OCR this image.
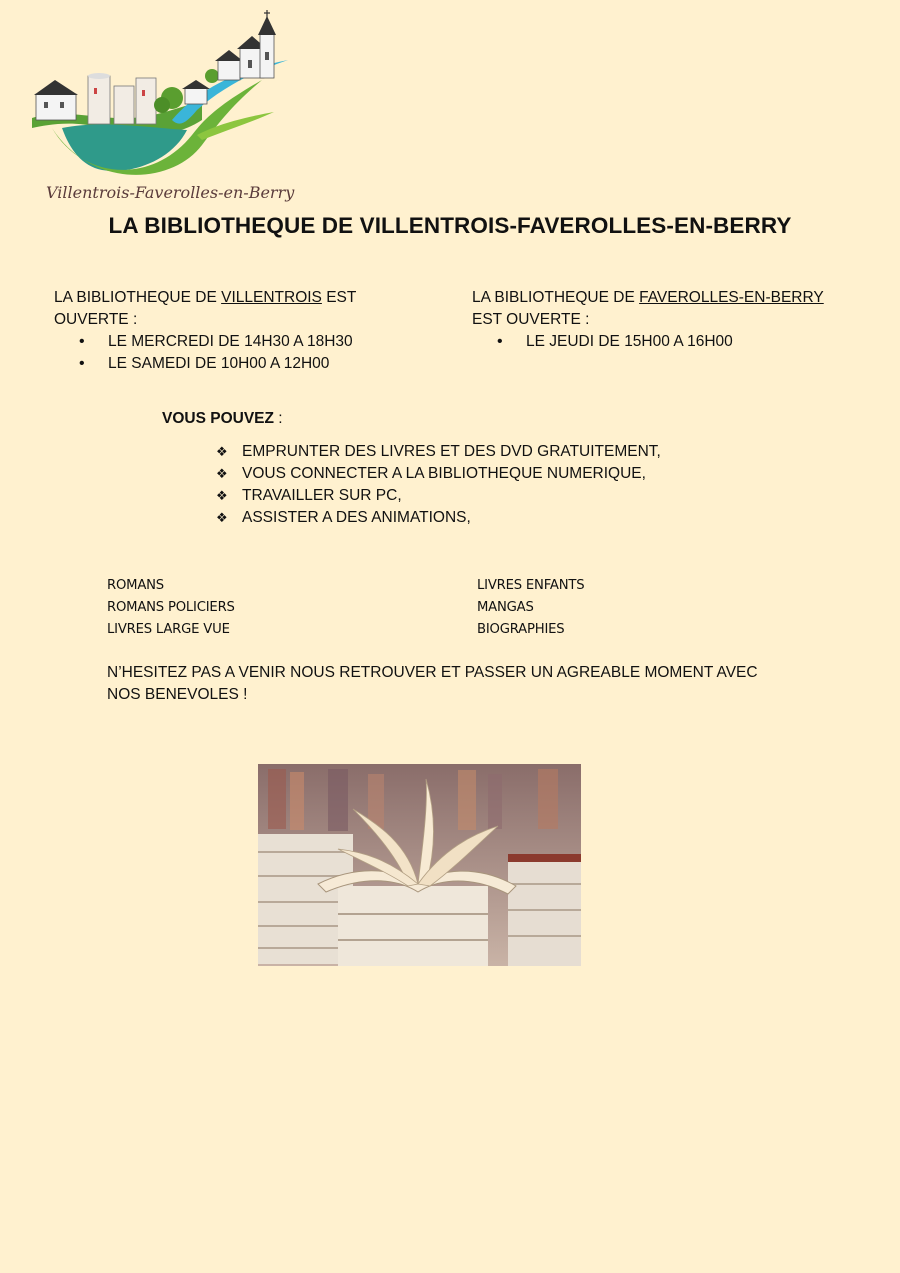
Villentrois-Faverolles-en-Berry
LA BIBLIOTHEQUE DE VILLENTROIS-FAVEROLLES-EN-BERRY
LA BIBLIOTHEQUE DE VILLENTROIS EST
OUVERTE :
• LE MERCREDI DE 14H30 A 18H30
• LE SAMEDI DE 10H00 A 12H00
LA BIBLIOTHEQUE DE FAVEROLLES-EN-BERRY
EST OUVERTE :
• LE JEUDI DE 15H00 A 16H00
VOUS POUVEZ :
❖ EMPRUNTER DES LIVRES ET DES DVD GRATUITEMENT,
❖ VOUS CONNECTER A LA BIBLIOTHEQUE NUMERIQUE,
❖ TRAVAILLER SUR PC,
❖ ASSISTER A DES ANIMATIONS,
ROMANS
ROMANS POLICIERS
LIVRES LARGE VUE
LIVRES ENFANTS
MANGAS
BIOGRAPHIES
N’HESITEZ PAS A VENIR NOUS RETROUVER ET PASSER UN AGREABLE MOMENT AVEC
NOS BENEVOLES !
